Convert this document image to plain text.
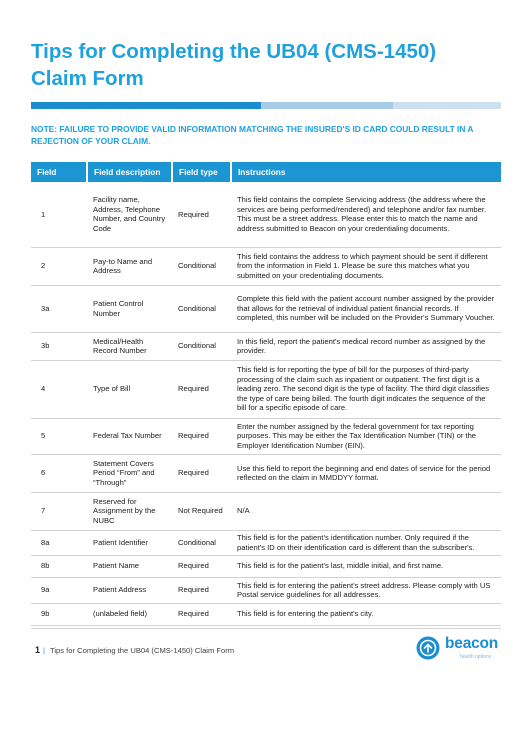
Tips for Completing the UB04 (CMS-1450)
Claim Form
NOTE: FAILURE TO PROVIDE VALID INFORMATION MATCHING THE INSURED'S ID CARD COULD RESULT IN A REJECTION OF YOUR CLAIM.
Field	Field description	Field type	Instructions
1	Facility name, Address, Telephone Number, and Country Code	Required	This field contains the complete Servicing address (the address where the services are being performed/rendered) and telephone and/or fax number. This must be a street address. Please enter this to match the name and address submitted to Beacon on your credentialing documents.
2	Pay-to Name and Address	Conditional	This field contains the address to which payment should be sent if different from the information in Field 1. Please be sure this matches what you submitted on your credentialing documents.
3a	Patient Control Number	Conditional	Complete this field with the patient account number assigned by the provider that allows for the retrieval of individual patient financial records. If completed, this number will be included on the Provider's Summary Voucher.
3b	Medical/Health Record Number	Conditional	In this field, report the patient's medical record number as assigned by the provider.
4	Type of Bill	Required	This field is for reporting the type of bill for the purposes of third-party processing of the claim such as inpatient or outpatient. The first digit is a leading zero. The second digit is the type of facility. The third digit classifies the type of care being billed. The fourth digit indicates the sequence of the bill for a specific episode of care.
5	Federal Tax Number	Required	Enter the number assigned by the federal government for tax reporting purposes. This may be either the Tax Identification Number (TIN) or the Employer Identification Number (EIN).
6	Statement Covers Period “From” and “Through”	Required	Use this field to report the beginning and end dates of service for the period reflected on the claim in MMDDYY format.
7	Reserved for Assignment by the NUBC	Not Required	N/A
8a	Patient Identifier	Conditional	This field is for the patient's identification number. Only required if the patient's ID on their identification card is different than the subscriber's.
8b	Patient Name	Required	This field is for the patient's last, middle initial, and first name.
9a	Patient Address	Required	This field is for entering the patient's street address. Please comply with US Postal service guidelines for all addresses.
9b	(unlabeled field)	Required	This field is for entering the patient's city.
1 | Tips for Completing the UB04 (CMS-1450) Claim Form	beacon
health options
